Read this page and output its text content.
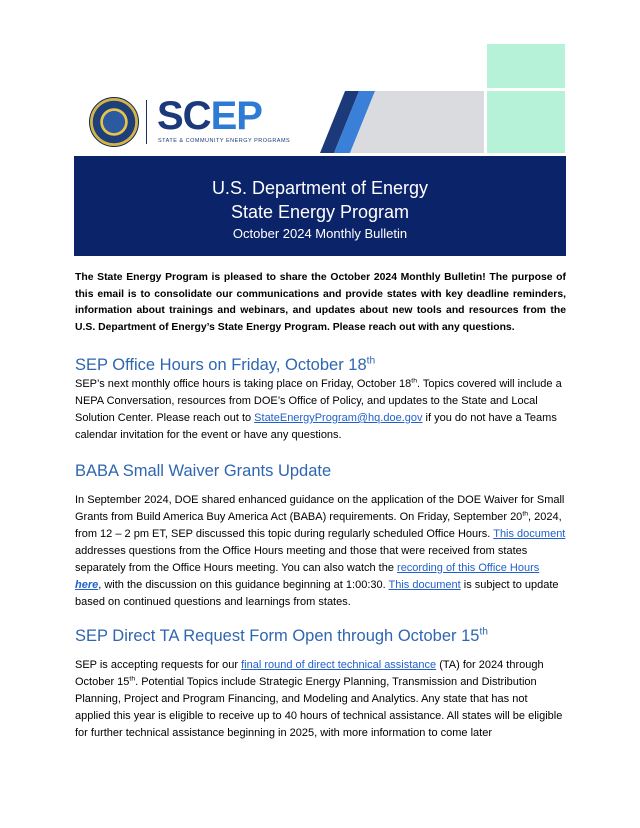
SCEP
STATE & COMMUNITY ENERGY PROGRAMS
U.S. Department of Energy
State Energy Program
October 2024 Monthly Bulletin

The State Energy Program is pleased to share the October 2024 Monthly Bulletin! The purpose of this email is to consolidate our communications and provide states with key deadline reminders, information about trainings and webinars, and updates about new tools and resources from the U.S. Department of Energy’s State Energy Program. Please reach out with any questions.

SEP Office Hours on Friday, October 18th

SEP’s next monthly office hours is taking place on Friday, October 18th. Topics covered will include a NEPA Conversation, resources from DOE’s Office of Policy, and updates to the State and Local Solution Center. Please reach out to StateEnergyProgram@hq.doe.gov if you do not have a Teams calendar invitation for the event or have any questions.

BABA Small Waiver Grants Update

In September 2024, DOE shared enhanced guidance on the application of the DOE Waiver for Small Grants from Build America Buy America Act (BABA) requirements. On Friday, September 20th, 2024, from 12 – 2 pm ET, SEP discussed this topic during regularly scheduled Office Hours. This document addresses questions from the Office Hours meeting and those that were received from states separately from the Office Hours meeting. You can also watch the recording of this Office Hours here, with the discussion on this guidance beginning at 1:00:30. This document is subject to update based on continued questions and learnings from states.

SEP Direct TA Request Form Open through October 15th

SEP is accepting requests for our final round of direct technical assistance (TA) for 2024 through October 15th. Potential Topics include Strategic Energy Planning, Transmission and Distribution Planning, Project and Program Financing, and Modeling and Analytics. Any state that has not applied this year is eligible to receive up to 40 hours of technical assistance. All states will be eligible for further technical assistance beginning in 2025, with more information to come later
